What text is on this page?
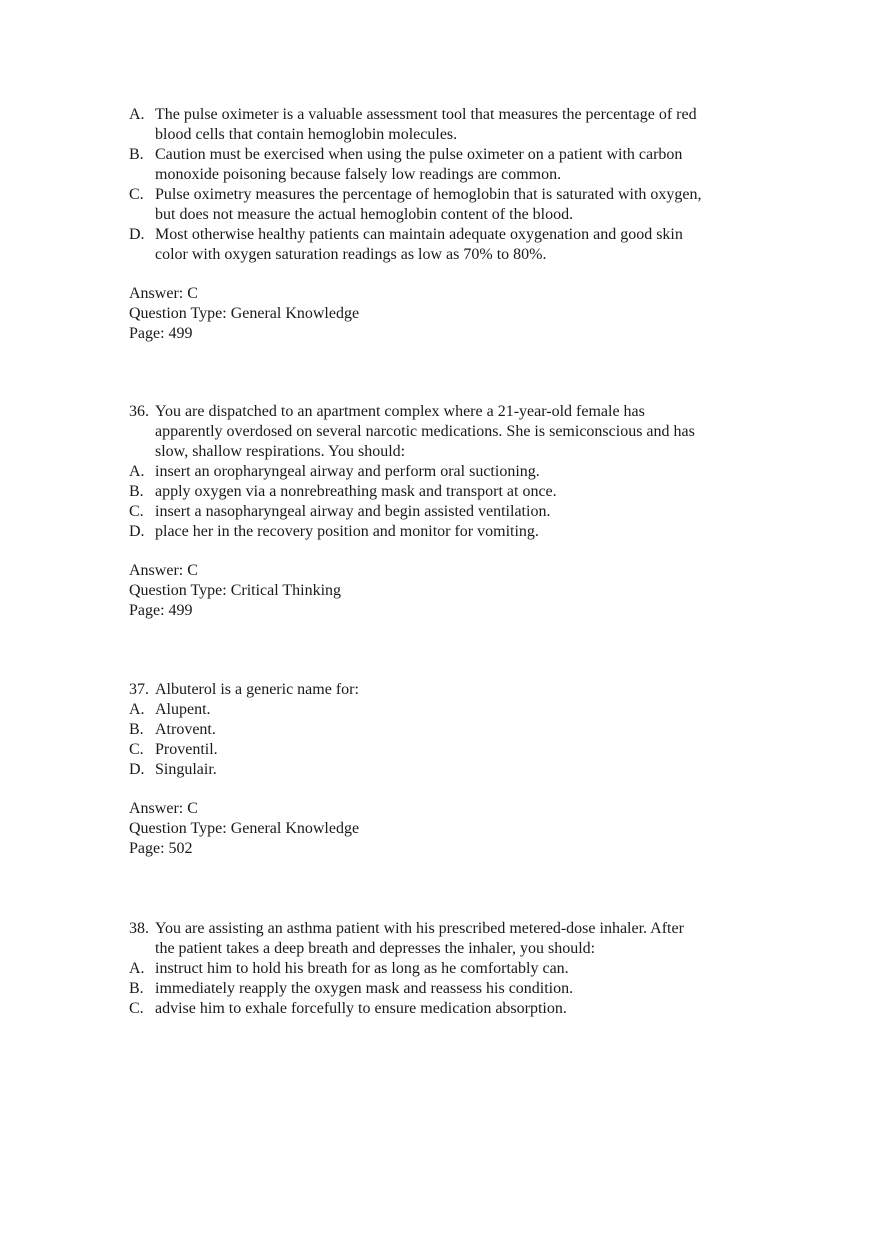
A. The pulse oximeter is a valuable assessment tool that measures the percentage of red
blood cells that contain hemoglobin molecules.
B. Caution must be exercised when using the pulse oximeter on a patient with carbon
monoxide poisoning because falsely low readings are common.
C. Pulse oximetry measures the percentage of hemoglobin that is saturated with oxygen,
but does not measure the actual hemoglobin content of the blood.
D. Most otherwise healthy patients can maintain adequate oxygenation and good skin
color with oxygen saturation readings as low as 70% to 80%.
Answer: C
Question Type: General Knowledge
Page: 499
36. You are dispatched to an apartment complex where a 21-year-old female has
apparently overdosed on several narcotic medications. She is semiconscious and has
slow, shallow respirations. You should:
A. insert an oropharyngeal airway and perform oral suctioning.
B. apply oxygen via a nonrebreathing mask and transport at once.
C. insert a nasopharyngeal airway and begin assisted ventilation.
D. place her in the recovery position and monitor for vomiting.
Answer: C
Question Type: Critical Thinking
Page: 499
37. Albuterol is a generic name for:
A. Alupent.
B. Atrovent.
C. Proventil.
D. Singulair.
Answer: C
Question Type: General Knowledge
Page: 502
38. You are assisting an asthma patient with his prescribed metered-dose inhaler. After
the patient takes a deep breath and depresses the inhaler, you should:
A. instruct him to hold his breath for as long as he comfortably can.
B. immediately reapply the oxygen mask and reassess his condition.
C. advise him to exhale forcefully to ensure medication absorption.
